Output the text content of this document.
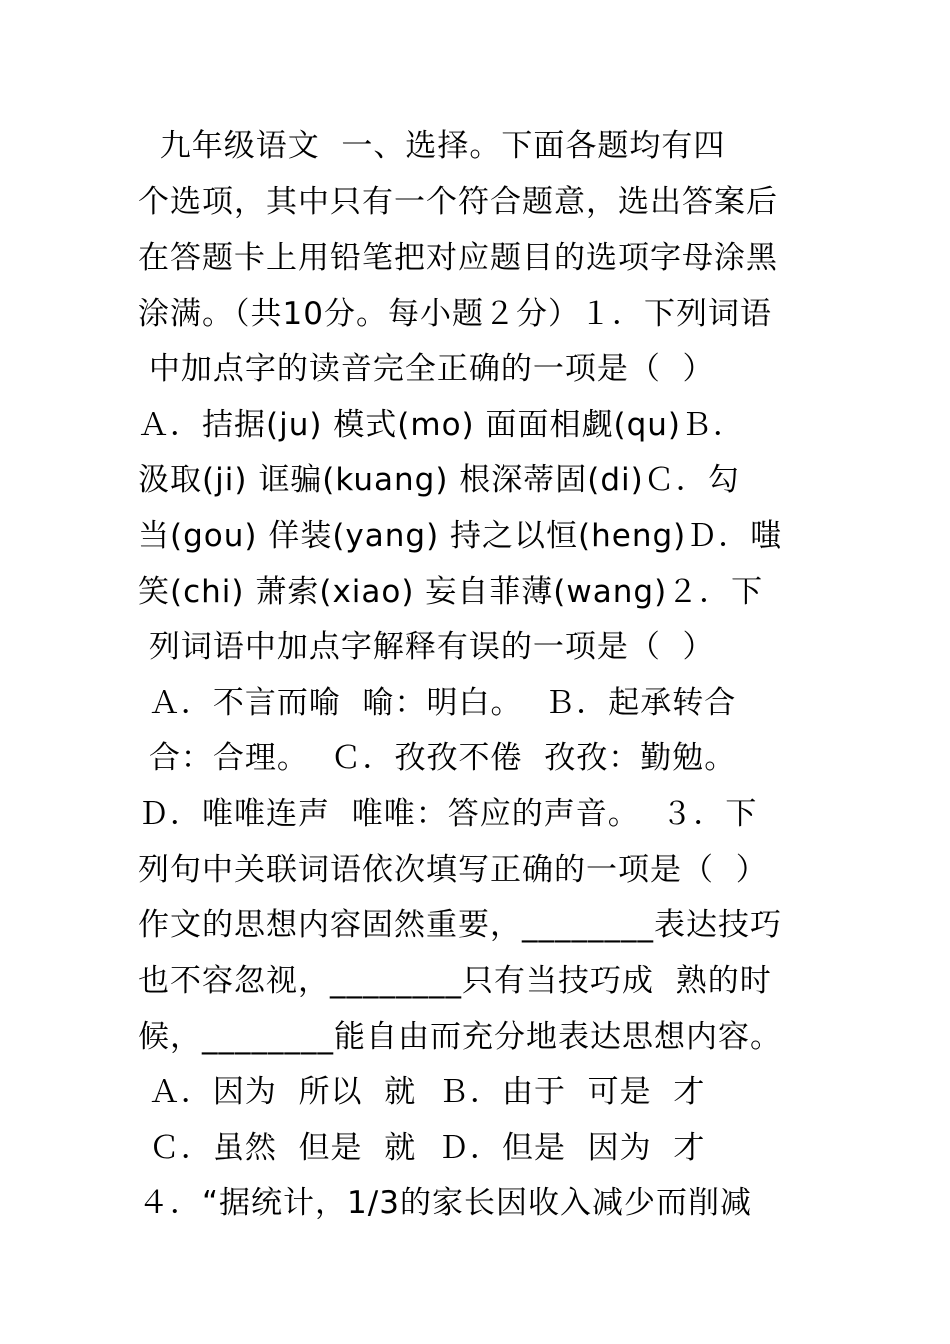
九年级语文  一、选择。下面各题均有四
个选项，其中只有一个符合题意，选出答案后
在答题卡上用铅笔把对应题目的选项字母涂黑
涂满。（共10分。每小题２分）１．下列词语
中加点字的读音完全正确的一项是（  ）
Ａ．拮据(ju) 模式(mo) 面面相觑(qu)Ｂ．
汲取(ji) 诓骗(kuang) 根深蒂固(di)Ｃ．勾
当(gou) 佯装(yang) 持之以恒(heng)Ｄ．嗤
笑(chi) 萧索(xiao) 妄自菲薄(wang)２．下
列词语中加点字解释有误的一项是（  ）
Ａ．不言而喻  喻：明白。  Ｂ．起承转合
合：合理。  Ｃ．孜孜不倦  孜孜：勤勉。
Ｄ．唯唯连声  唯唯：答应的声音。  ３．下
列句中关联词语依次填写正确的一项是（  ）
作文的思想内容固然重要，________表达技巧
也不容忽视，________只有当技巧成  熟的时
候，________能自由而充分地表达思想内容。
Ａ．因为  所以  就  Ｂ．由于  可是  才
Ｃ．虽然  但是  就  Ｄ．但是  因为  才
４．“据统计，1/3的家长因收入减少而削减
